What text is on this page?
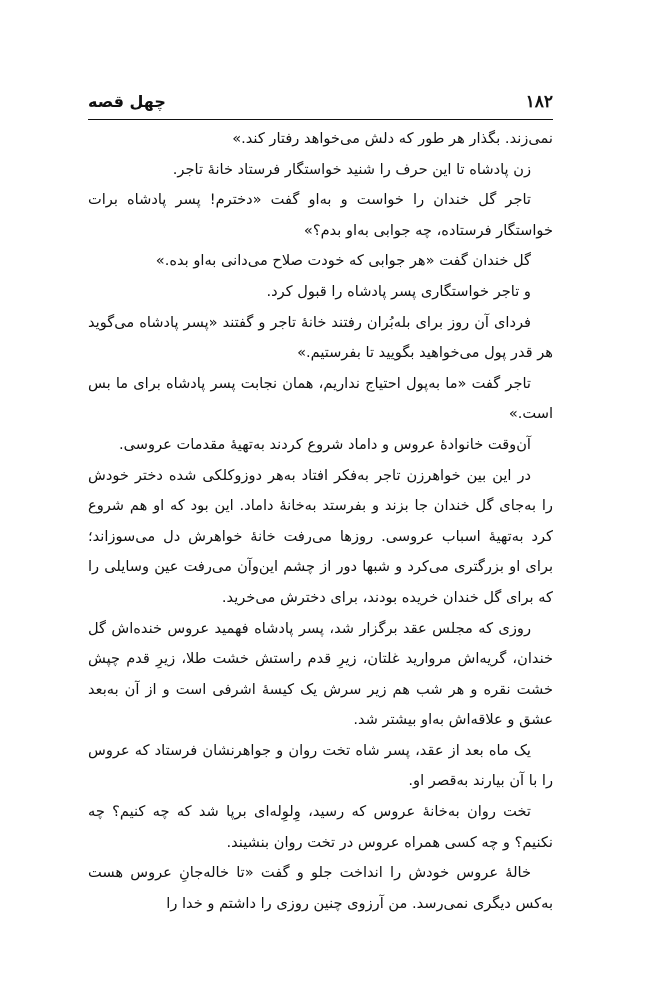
۱۸۲
چهل قصه

نمی‌زند. بگذار هر طور که دلش می‌خواهد رفتار کند.»

زن پادشاه تا این حرف را شنید خواستگار فرستاد خانهٔ تاجر.

تاجر گل خندان را خواست و به‌او گفت «دخترم! پسر پادشاه برات خواستگار فرستاده، چه جوابی به‌او بدم؟»

گل خندان گفت «هر جوابی که خودت صلاح می‌دانی به‌او بده.»

و تاجر خواستگاری پسر پادشاه را قبول کرد.

فردای آن روز برای بله‌بُران رفتند خانهٔ تاجر و گفتند «پسر پادشاه می‌گوید هر قدر پول می‌خواهید بگویید تا بفرستیم.»

تاجر گفت «ما به‌پول احتیاج نداریم، همان نجابت پسر پادشاه برای ما بس است.»

آن‌وقت خانوادهٔ عروس و داماد شروع کردند به‌تهیهٔ مقدمات عروسی.

در این بین خواهرزن تاجر به‌فکر افتاد به‌هر دوزوکلکی شده دختر خودش را به‌جای گل خندان جا بزند و بفرستد به‌خانهٔ داماد. این بود که او هم شروع کرد به‌تهیهٔ اسباب عروسی. روزها می‌رفت خانهٔ خواهرش دل می‌سوزاند؛ برای او بزرگتری می‌کرد و شبها دور از چشم این‌و‌آن می‌رفت عین وسایلی را که برای گل خندان خریده بودند، برای دخترش می‌خرید.

روزی که مجلس عقد برگزار شد، پسر پادشاه فهمید عروس خنده‌اش گل خندان، گریه‌اش مروارید غلتان، زیرِ قدم راستش خشت طلا، زیرِ قدم چپش خشت نقره و هر شب هم زیر سرش یک کیسهٔ اشرفی است و از آن به‌بعد عشق و علاقه‌اش به‌او بیشتر شد.

یک ماه بعد از عقد، پسر شاه تخت روان و جواهرنشان فرستاد که عروس را با آن بیارند به‌قصر او.

تخت روان به‌خانهٔ عروس که رسید، وِلوِله‌ای برپا شد که چه کنیم؟ چه نکنیم؟ و چه کسی همراه عروس در تخت روان بنشیند.

خالهٔ عروس خودش را انداخت جلو و گفت «تا خاله‌جانِ عروس هست به‌کس دیگری نمی‌رسد. من آرزوی چنین روزی را داشتم و خدا را
